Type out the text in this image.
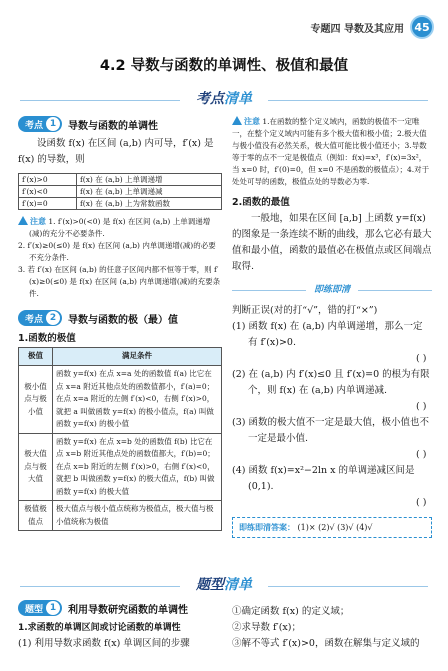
专题四 导数及其应用 45
4.2 导数与函数的单调性、极值和最值
考点清单
考点 1	导数与函数的单调性
设函数 f(x) 在区间 (a,b) 内可导，f′(x) 是 f(x) 的导数，则
f′(x)>0	f(x) 在 (a,b) 上单调递增
f′(x)<0	f(x) 在 (a,b) 上单调递减
f′(x)=0	f(x) 在 (a,b) 上为常数函数
注意 1. f′(x)>0(<0) 是 f(x) 在区间 (a,b) 上单调递增(减)的充分不必要条件.
2. f′(x)≥0(≤0) 是 f(x) 在区间 (a,b) 内单调递增(减)的必要不充分条件.
3. 若 f′(x) 在区间 (a,b) 的任意子区间内都不恒等于零，则 f′(x)≥0(≤0) 是 f(x) 在区间 (a,b) 内单调递增(减)的充要条件.
考点 2	导数与函数的极（最）值
1.函数的极值
极值	满足条件
极小值点与极小值	函数 y=f(x) 在点 x=a 处的函数值 f(a) 比它在点 x=a 附近其他点处的函数值都小，f′(a)=0；在点 x=a 附近的左侧 f′(x)<0，右侧 f′(x)>0，就把 a 叫做函数 y=f(x) 的极小值点，f(a) 叫做函数 y=f(x) 的极小值
极大值点与极大值	函数 y=f(x) 在点 x=b 处的函数值 f(b) 比它在点 x=b 附近其他点处的函数值都大，f′(b)=0；在点 x=b 附近的左侧 f′(x)>0，右侧 f′(x)<0，就把 b 叫做函数 y=f(x) 的极大值点，f(b) 叫做函数 y=f(x) 的极大值
极值极值点	极大值点与极小值点统称为极值点，极大值与极小值统称为极值
注意 1.在函数的整个定义域内，函数的极值不一定唯一，在整个定义域内可能有多个极大值和极小值；2.极大值与极小值没有必然关系，极大值可能比极小值还小；3.导数等于零的点不一定是极值点（例如：f(x)=x³，f′(x)=3x²，当 x=0 时，f′(0)=0，但 x=0 不是函数的极值点）；4.对于处处可导的函数，极值点处的导数必为零.
2.函数的最值
一般地，如果在区间 [a,b] 上函数 y=f(x) 的图象是一条连续不断的曲线，那么它必有最大值和最小值，函数的最值必在极值点或区间端点取得.
即练即清
判断正误(对的打“√”，错的打“×”)
(1) 函数 f(x) 在 (a,b) 内单调递增，那么一定有 f′(x)>0.
( )
(2) 在 (a,b) 内 f′(x)≤0 且 f′(x)=0 的根为有限个，则 f(x) 在 (a,b) 内单调递减.
( )
(3) 函数的极大值不一定是最大值，极小值也不一定是最小值.
( )
(4) 函数 f(x)=x²−2ln x 的单调递减区间是 (0,1).
( )
即练即清答案： (1)× (2)√ (3)√ (4)√
题型清单
题型 1	利用导数研究函数的单调性
1.求函数的单调区间或讨论函数的单调性
(1) 利用导数求函数 f(x) 单调区间的步骤
①确定函数 f(x) 的定义域；
②求导数 f′(x)；
③解不等式 f′(x)>0，函数在解集与定义域的
